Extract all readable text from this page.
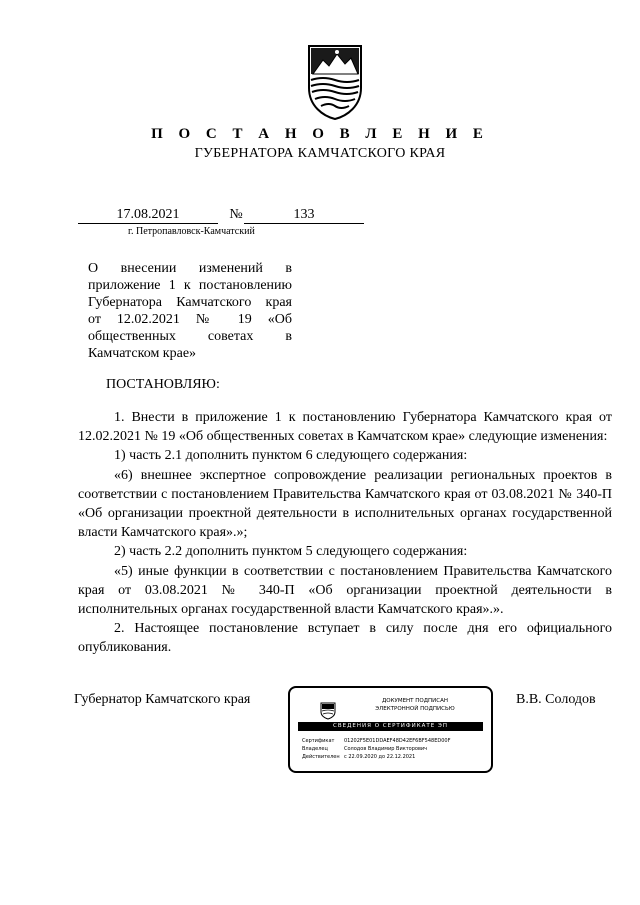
П О С Т А Н О В Л Е Н И Е
ГУБЕРНАТОРА КАМЧАТСКОГО КРАЯ
17.08.2021	№	133
г. Петропавловск-Камчатский
О внесении изменений в
приложение 1 к постановлению
Губернатора Камчатского края
от 12.02.2021 № 19 «Об
общественных советах в
Камчатском крае»
ПОСТАНОВЛЯЮ:

1. Внести в приложение 1 к постановлению Губернатора Камчатского края от 12.02.2021 № 19 «Об общественных советах в Камчатском крае» следующие изменения:

1) часть 2.1 дополнить пунктом 6 следующего содержания:

«6) внешнее экспертное сопровождение реализации региональных проектов в соответствии с постановлением Правительства Камчатского края от 03.08.2021 № 340-П «Об организации проектной деятельности в исполнительных органах государственной власти Камчатского края».»;

2) часть 2.2 дополнить пунктом 5 следующего содержания:

«5) иные функции в соответствии с постановлением Правительства Камчатского края от 03.08.2021 № 340-П «Об организации проектной деятельности в исполнительных органах государственной власти Камчатского края».».

2. Настоящее постановление вступает в силу после дня его официального опубликования.

Губернатор Камчатского края	В.В. Солодов
ДОКУМЕНТ ПОДПИСАН
ЭЛЕКТРОННОЙ ПОДПИСЬЮ
СВЕДЕНИЯ О СЕРТИФИКАТЕ ЭП
Сертификат 01202F5E01DDAEF48D42EF6BF548ED00F
Владелец	Солодов Владимир Викторович
Действителен с 22.09.2020 до 22.12.2021
